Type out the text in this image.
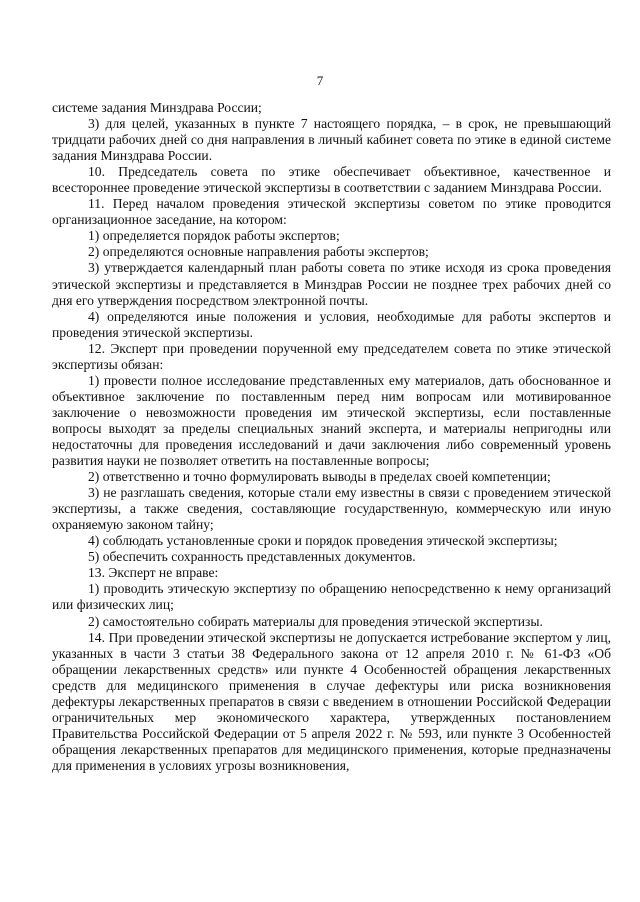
7

системе задания Минздрава России;

3) для целей, указанных в пункте 7 настоящего порядка, – в срок, не превышающий тридцати рабочих дней со дня направления в личный кабинет совета по этике в единой системе задания Минздрава России.

10. Председатель совета по этике обеспечивает объективное, качественное и всестороннее проведение этической экспертизы в соответствии с заданием Минздрава России.

11. Перед началом проведения этической экспертизы советом по этике проводится организационное заседание, на котором:

1) определяется порядок работы экспертов;

2) определяются основные направления работы экспертов;

3) утверждается календарный план работы совета по этике исходя из срока проведения этической экспертизы и представляется в Минздрав России не позднее трех рабочих дней со дня его утверждения посредством электронной почты.

4) определяются иные положения и условия, необходимые для работы экспертов и проведения этической экспертизы.

12. Эксперт при проведении порученной ему председателем совета по этике этической экспертизы обязан:

1) провести полное исследование представленных ему материалов, дать обоснованное и объективное заключение по поставленным перед ним вопросам или мотивированное заключение о невозможности проведения им этической экспертизы, если поставленные вопросы выходят за пределы специальных знаний эксперта, и материалы непригодны или недостаточны для проведения исследований и дачи заключения либо современный уровень развития науки не позволяет ответить на поставленные вопросы;

2) ответственно и точно формулировать выводы в пределах своей компетенции;

3) не разглашать сведения, которые стали ему известны в связи с проведением этической экспертизы, а также сведения, составляющие государственную, коммерческую или иную охраняемую законом тайну;

4) соблюдать установленные сроки и порядок проведения этической экспертизы;

5) обеспечить сохранность представленных документов.

13. Эксперт не вправе:

1) проводить этическую экспертизу по обращению непосредственно к нему организаций или физических лиц;

2) самостоятельно собирать материалы для проведения этической экспертизы.

14. При проведении этической экспертизы не допускается истребование экспертом у лиц, указанных в части 3 статьи 38 Федерального закона от 12 апреля 2010 г. № 61-ФЗ «Об обращении лекарственных средств» или пункте 4 Особенностей обращения лекарственных средств для медицинского применения в случае дефектуры или риска возникновения дефектуры лекарственных препаратов в связи с введением в отношении Российской Федерации ограничительных мер экономического характера, утвержденных постановлением Правительства Российской Федерации от 5 апреля 2022 г. № 593, или пункте 3 Особенностей обращения лекарственных препаратов для медицинского применения, которые предназначены для применения в условиях угрозы возникновения,
